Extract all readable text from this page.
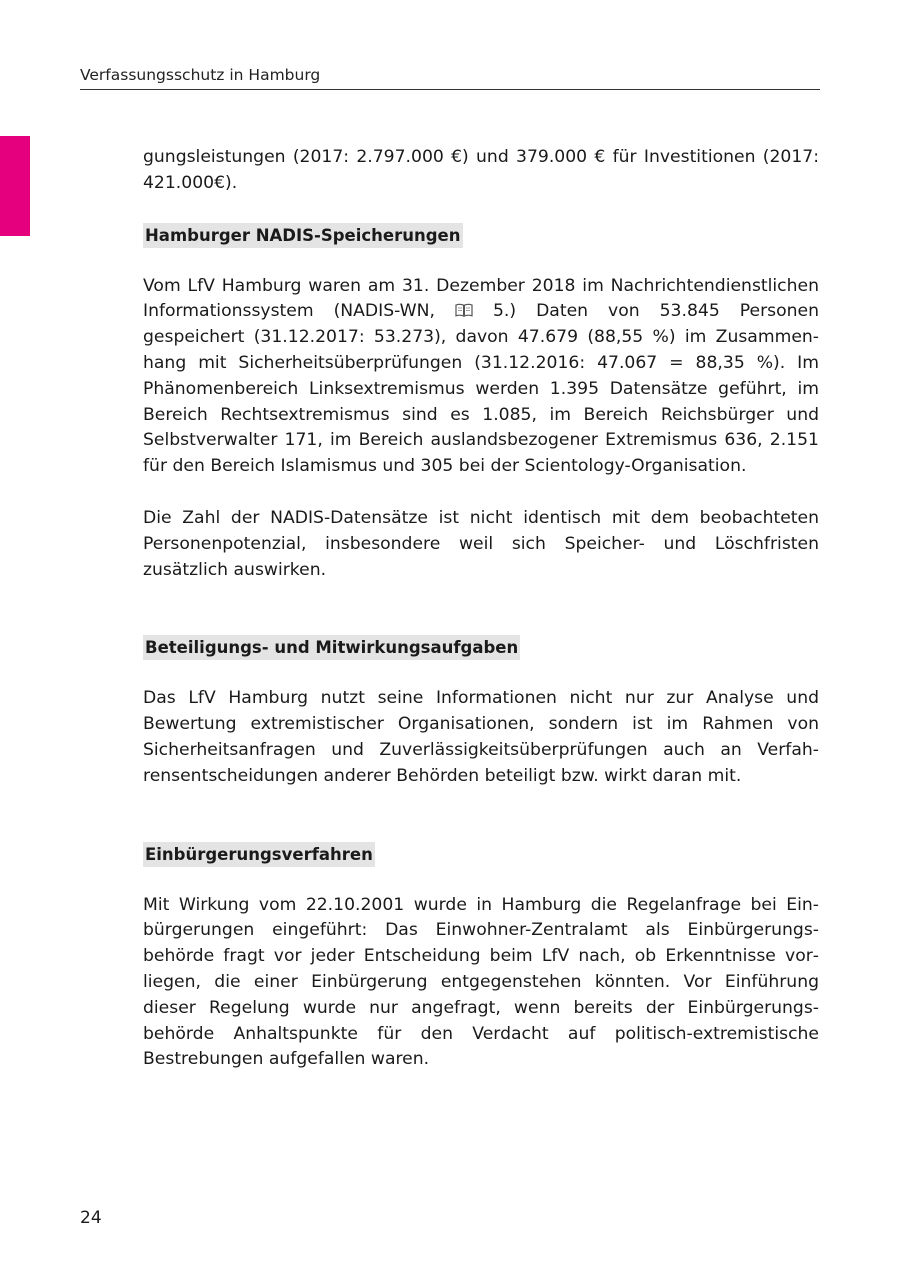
Verfassungsschutz in Hamburg

gungsleistungen (2017: 2.797.000 €) und 379.000 € für Investitionen (2017: 421.000€).

Hamburger NADIS-Speicherungen

Vom LfV Hamburg waren am 31. Dezember 2018 im Nachrichtendienstlichen Informationssystem (NADIS-WN,  5.) Daten von 53.845 Personen gespeichert (31.12.2017: 53.273), davon 47.679 (88,55 %) im Zusammenhang mit Sicherheitsüberprüfungen (31.12.2016: 47.067 = 88,35 %). Im Phänomenbereich Linksextremismus werden 1.395 Datensätze geführt, im Bereich Rechtsextremismus sind es 1.085, im Bereich Reichsbürger und Selbstverwalter 171, im Bereich auslandsbezogener Extremismus 636, 2.151 für den Bereich Islamismus und 305 bei der Scientology-Organisation.

Die Zahl der NADIS-Datensätze ist nicht identisch mit dem beobachteten Personenpotenzial, insbesondere weil sich Speicher- und Löschfristen zusätzlich auswirken.

Beteiligungs- und Mitwirkungsaufgaben

Das LfV Hamburg nutzt seine Informationen nicht nur zur Analyse und Bewertung extremistischer Organisationen, sondern ist im Rahmen von Sicherheitsanfragen und Zuverlässigkeitsüberprüfungen auch an Verfahrensentscheidungen anderer Behörden beteiligt bzw. wirkt daran mit.

Einbürgerungsverfahren

Mit Wirkung vom 22.10.2001 wurde in Hamburg die Regelanfrage bei Einbürgerungen eingeführt: Das Einwohner-Zentralamt als Einbürgerungsbehörde fragt vor jeder Entscheidung beim LfV nach, ob Erkenntnisse vorliegen, die einer Einbürgerung entgegenstehen könnten. Vor Einführung dieser Regelung wurde nur angefragt, wenn bereits der Einbürgerungsbehörde Anhaltspunkte für den Verdacht auf politisch-extremistische Bestrebungen aufgefallen waren.

24
